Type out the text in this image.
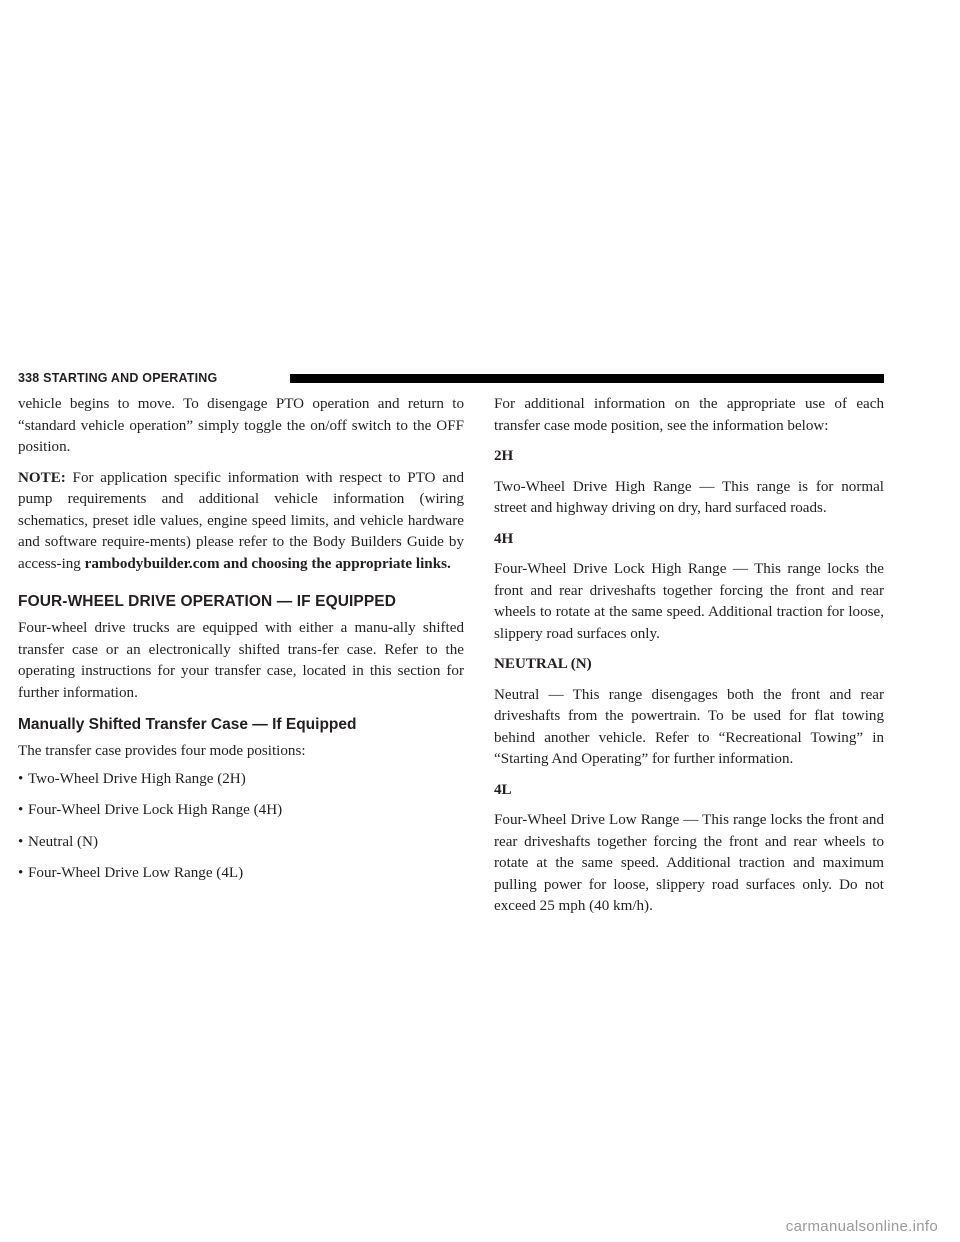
338 STARTING AND OPERATING

vehicle begins to move. To disengage PTO operation and return to “standard vehicle operation” simply toggle the on/off switch to the OFF position.

NOTE: For application specific information with respect to PTO and pump requirements and additional vehicle information (wiring schematics, preset idle values, engine speed limits, and vehicle hardware and software require-ments) please refer to the Body Builders Guide by access-ing rambodybuilder.com and choosing the appropriate links.

FOUR-WHEEL DRIVE OPERATION — IF EQUIPPED

Four-wheel drive trucks are equipped with either a manu-ally shifted transfer case or an electronically shifted trans-fer case. Refer to the operating instructions for your transfer case, located in this section for further information.

Manually Shifted Transfer Case — If Equipped

The transfer case provides four mode positions:

• Two-Wheel Drive High Range (2H)
• Four-Wheel Drive Lock High Range (4H)
• Neutral (N)
• Four-Wheel Drive Low Range (4L)

For additional information on the appropriate use of each transfer case mode position, see the information below:

2H

Two-Wheel Drive High Range — This range is for normal street and highway driving on dry, hard surfaced roads.

4H

Four-Wheel Drive Lock High Range — This range locks the front and rear driveshafts together forcing the front and rear wheels to rotate at the same speed. Additional traction for loose, slippery road surfaces only.

NEUTRAL (N)

Neutral — This range disengages both the front and rear driveshafts from the powertrain. To be used for flat towing behind another vehicle. Refer to “Recreational Towing” in “Starting And Operating” for further information.

4L

Four-Wheel Drive Low Range — This range locks the front and rear driveshafts together forcing the front and rear wheels to rotate at the same speed. Additional traction and maximum pulling power for loose, slippery road surfaces only. Do not exceed 25 mph (40 km/h).

carmanualsonline.info
